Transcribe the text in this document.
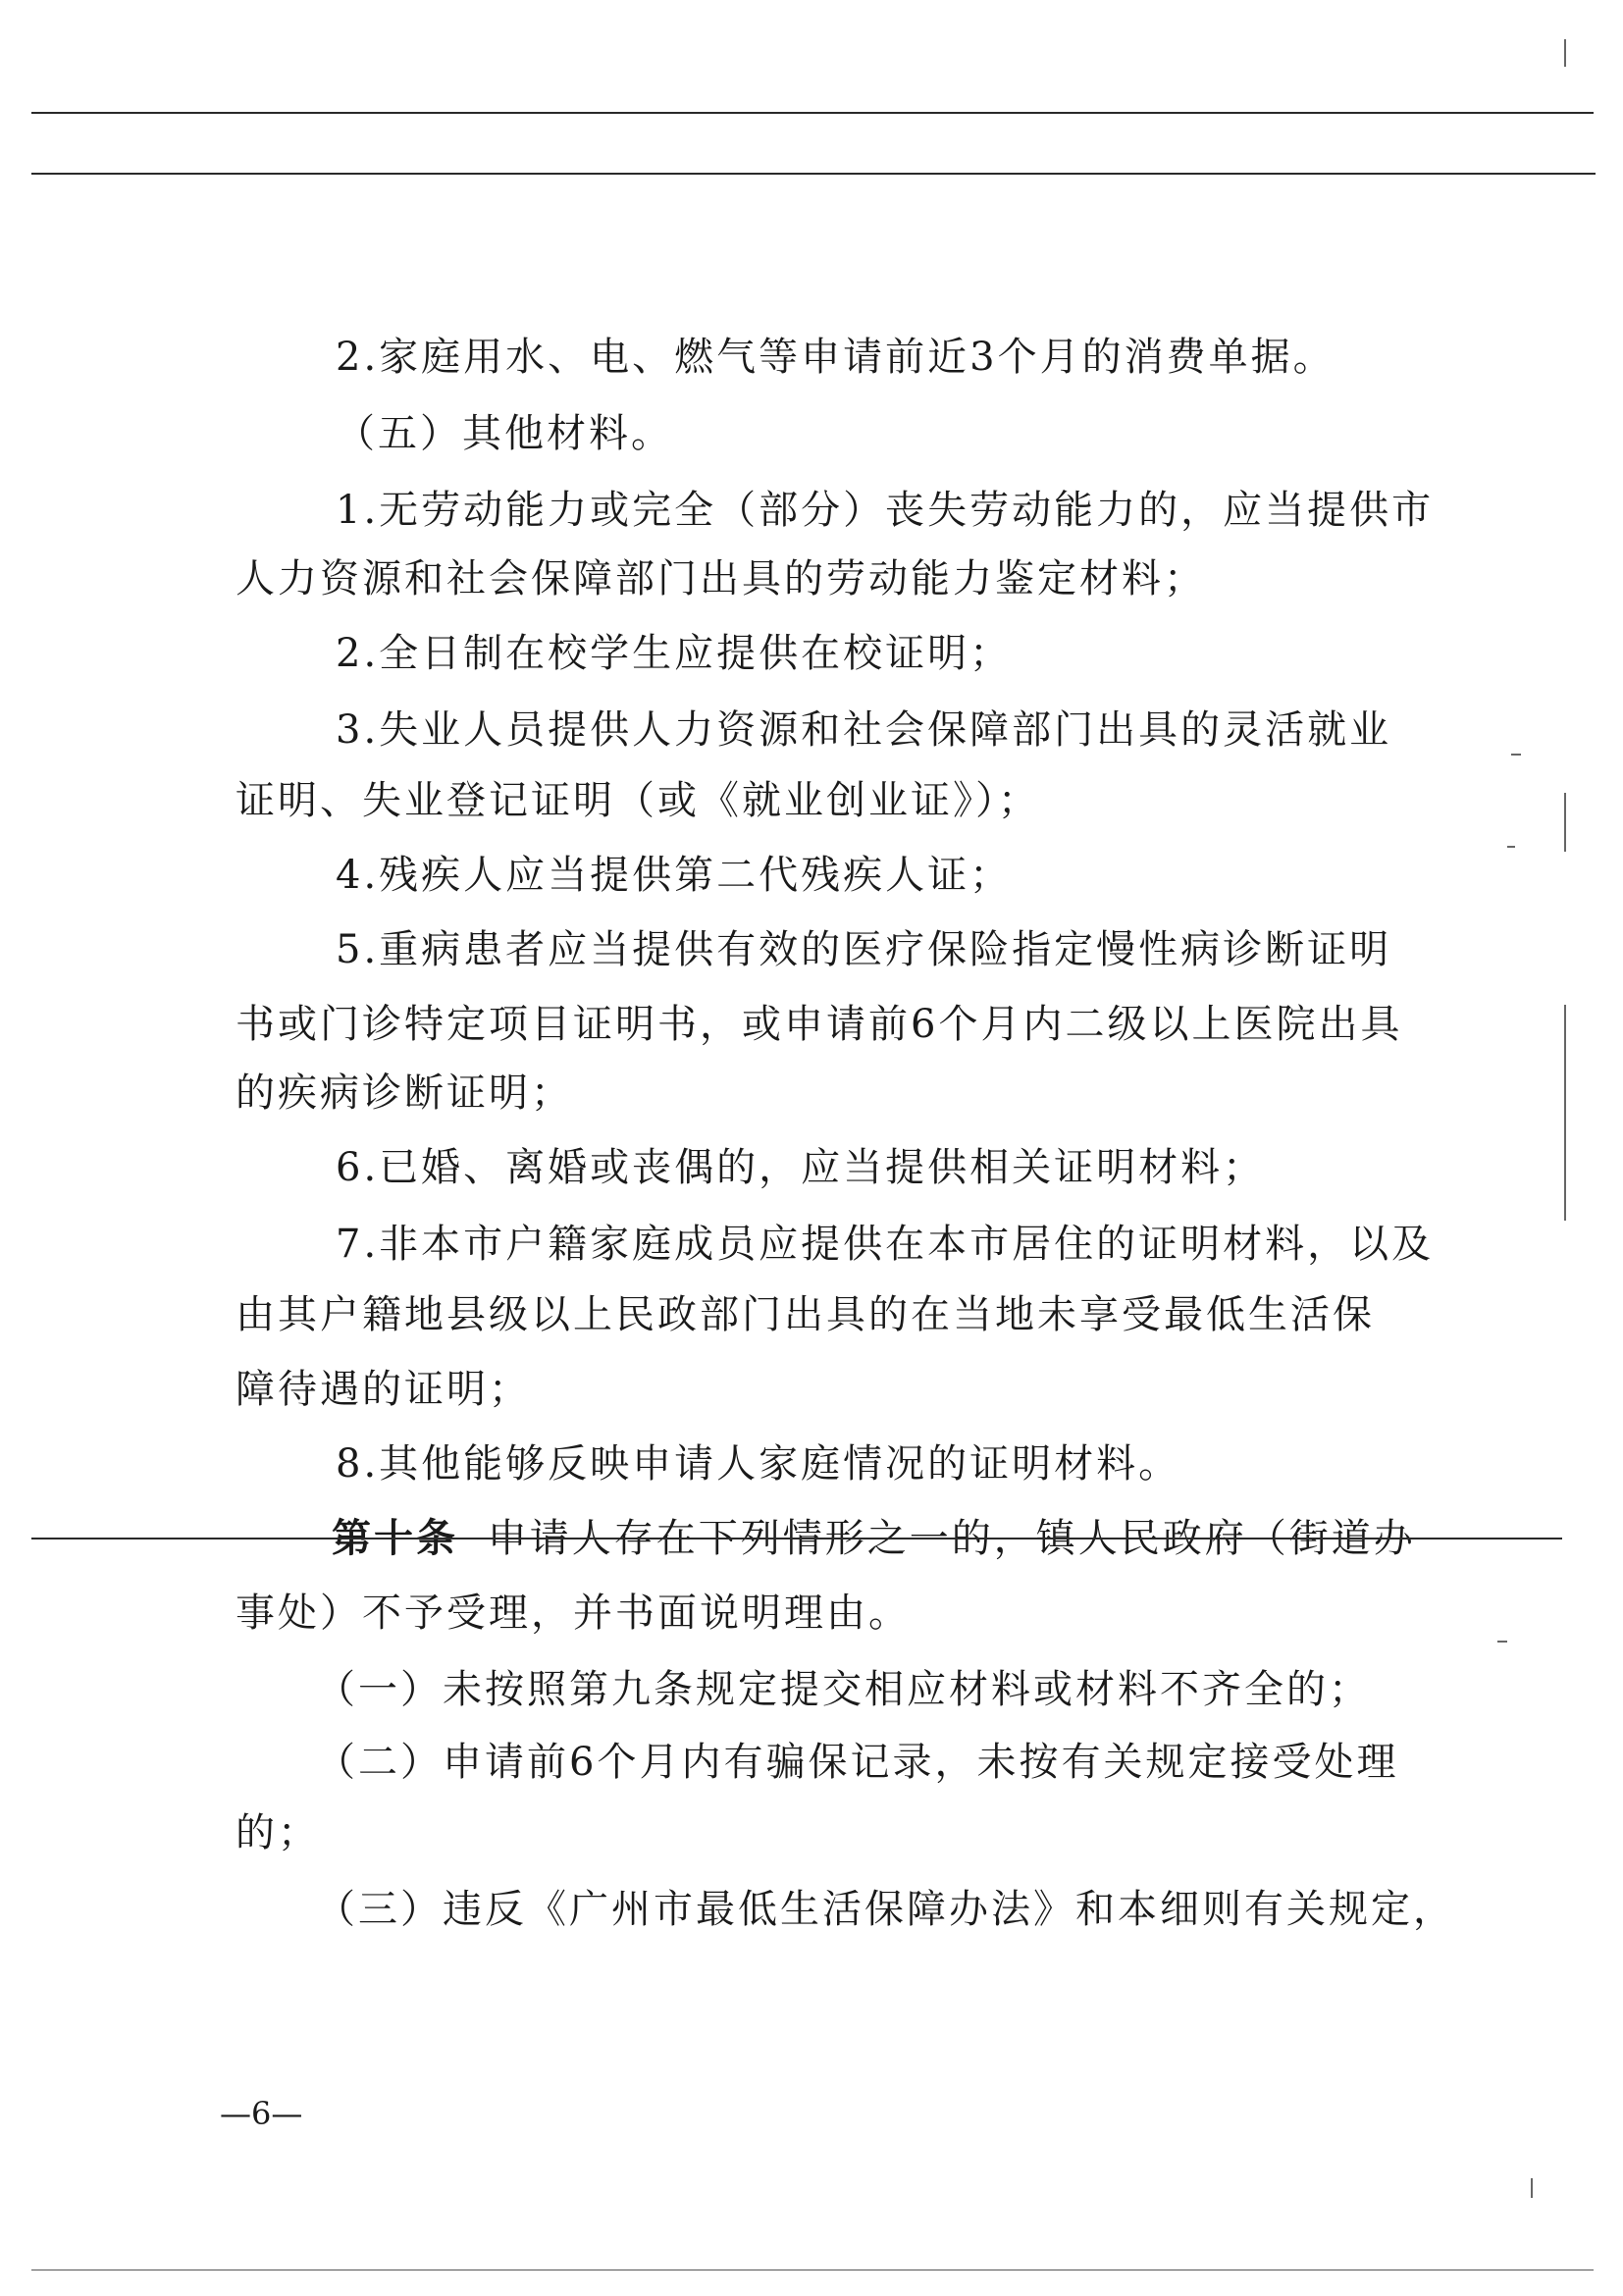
2.家庭用水、电、燃气等申请前近3个月的消费单据。
（五）其他材料。
1.无劳动能力或完全（部分）丧失劳动能力的，应当提供市
人力资源和社会保障部门出具的劳动能力鉴定材料；
2.全日制在校学生应提供在校证明；
3.失业人员提供人力资源和社会保障部门出具的灵活就业
证明、失业登记证明（或《就业创业证》）；
4.残疾人应当提供第二代残疾人证；
5.重病患者应当提供有效的医疗保险指定慢性病诊断证明
书或门诊特定项目证明书，或申请前6个月内二级以上医院出具
的疾病诊断证明；
6.已婚、离婚或丧偶的，应当提供相关证明材料；
7.非本市户籍家庭成员应提供在本市居住的证明材料，以及
由其户籍地县级以上民政部门出具的在当地未享受最低生活保
障待遇的证明；
8.其他能够反映申请人家庭情况的证明材料。
第十条 申请人存在下列情形之一的，镇人民政府（街道办
事处）不予受理，并书面说明理由。
（一）未按照第九条规定提交相应材料或材料不齐全的；
（二）申请前6个月内有骗保记录，未按有关规定接受处理
的；
（三）违反《广州市最低生活保障办法》和本细则有关规定，
—6—
